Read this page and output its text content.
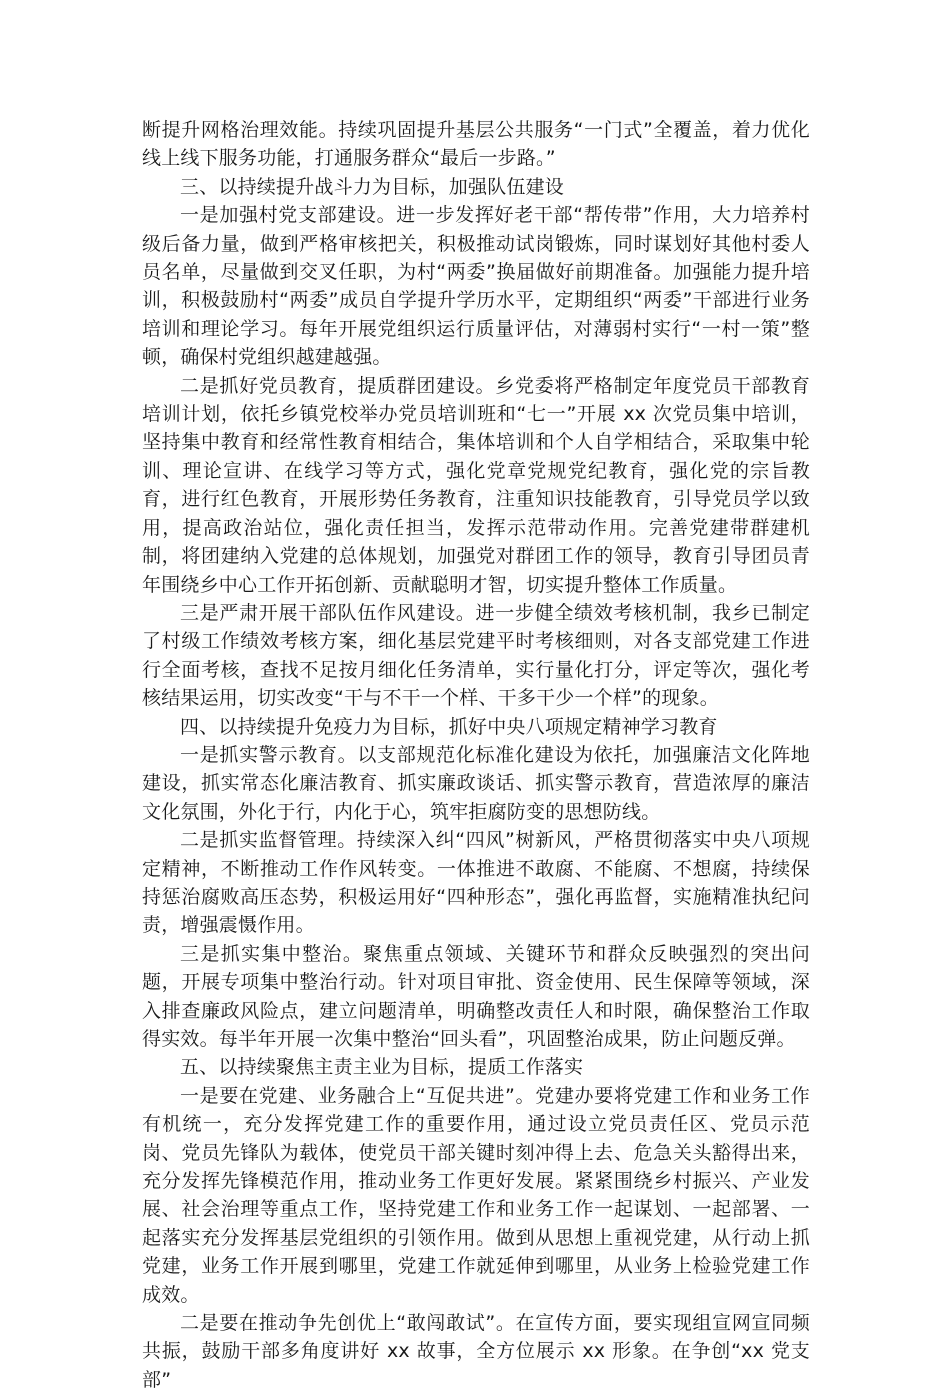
断提升网格治理效能。持续巩固提升基层公共服务“一门式”全覆盖，着力优化线上线下服务功能，打通服务群众“最后一步路。”

三、以持续提升战斗力为目标，加强队伍建设

一是加强村党支部建设。进一步发挥好老干部“帮传带”作用，大力培养村级后备力量，做到严格审核把关，积极推动试岗锻炼，同时谋划好其他村委人员名单，尽量做到交叉任职，为村“两委”换届做好前期准备。加强能力提升培训，积极鼓励村“两委”成员自学提升学历水平，定期组织“两委”干部进行业务培训和理论学习。每年开展党组织运行质量评估，对薄弱村实行“一村一策”整顿，确保村党组织越建越强。

二是抓好党员教育，提质群团建设。乡党委将严格制定年度党员干部教育培训计划，依托乡镇党校举办党员培训班和“七一”开展 xx 次党员集中培训，坚持集中教育和经常性教育相结合，集体培训和个人自学相结合，采取集中轮训、理论宣讲、在线学习等方式，强化党章党规党纪教育，强化党的宗旨教育，进行红色教育，开展形势任务教育，注重知识技能教育，引导党员学以致用，提高政治站位，强化责任担当，发挥示范带动作用。完善党建带群建机制，将团建纳入党建的总体规划，加强党对群团工作的领导，教育引导团员青年围绕乡中心工作开拓创新、贡献聪明才智，切实提升整体工作质量。

三是严肃开展干部队伍作风建设。进一步健全绩效考核机制，我乡已制定了村级工作绩效考核方案，细化基层党建平时考核细则，对各支部党建工作进行全面考核，查找不足按月细化任务清单，实行量化打分，评定等次，强化考核结果运用，切实改变“干与不干一个样、干多干少一个样”的现象。

四、以持续提升免疫力为目标，抓好中央八项规定精神学习教育

一是抓实警示教育。以支部规范化标准化建设为依托，加强廉洁文化阵地建设，抓实常态化廉洁教育、抓实廉政谈话、抓实警示教育，营造浓厚的廉洁文化氛围，外化于行，内化于心，筑牢拒腐防变的思想防线。

二是抓实监督管理。持续深入纠“四风”树新风，严格贯彻落实中央八项规定精神，不断推动工作作风转变。一体推进不敢腐、不能腐、不想腐，持续保持惩治腐败高压态势，积极运用好“四种形态”，强化再监督，实施精准执纪问责，增强震慑作用。

三是抓实集中整治。聚焦重点领域、关键环节和群众反映强烈的突出问题，开展专项集中整治行动。针对项目审批、资金使用、民生保障等领域，深入排查廉政风险点，建立问题清单，明确整改责任人和时限，确保整治工作取得实效。每半年开展一次集中整治“回头看”，巩固整治成果，防止问题反弹。

五、以持续聚焦主责主业为目标，提质工作落实

一是要在党建、业务融合上“互促共进”。党建办要将党建工作和业务工作有机统一，充分发挥党建工作的重要作用，通过设立党员责任区、党员示范岗、党员先锋队为载体，使党员干部关键时刻冲得上去、危急关头豁得出来，充分发挥先锋模范作用，推动业务工作更好发展。紧紧围绕乡村振兴、产业发展、社会治理等重点工作，坚持党建工作和业务工作一起谋划、一起部署、一起落实充分发挥基层党组织的引领作用。做到从思想上重视党建，从行动上抓党建，业务工作开展到哪里，党建工作就延伸到哪里，从业务上检验党建工作成效。

二是要在推动争先创优上“敢闯敢试”。在宣传方面，要实现组宣网宣同频共振，鼓励干部多角度讲好 xx 故事，全方位展示 xx 形象。在争创“xx 党支部”
